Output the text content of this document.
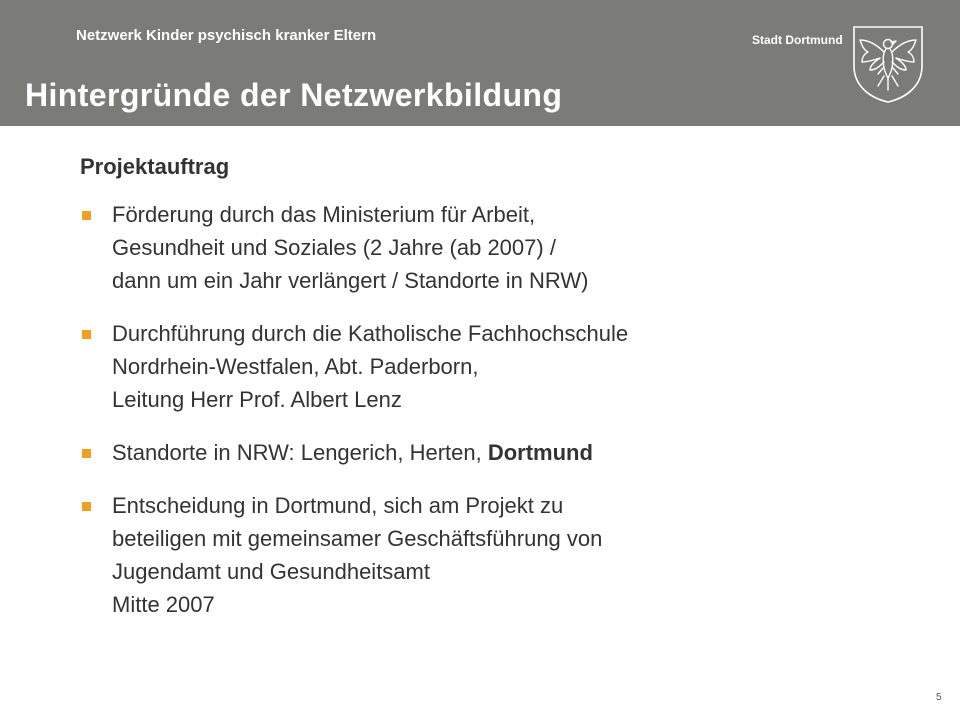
Netzwerk Kinder psychisch kranker Eltern
Hintergründe der Netzwerkbildung
Stadt Dortmund
Projektauftrag
Förderung durch das Ministerium für Arbeit,
Gesundheit und Soziales (2 Jahre (ab 2007) /
dann um ein Jahr verlängert / Standorte in NRW)
Durchführung durch die Katholische Fachhochschule
Nordrhein-Westfalen, Abt. Paderborn,
Leitung Herr Prof. Albert Lenz
Standorte in NRW: Lengerich, Herten, Dortmund
Entscheidung in Dortmund, sich am Projekt zu
beteiligen mit gemeinsamer Geschäftsführung von
Jugendamt und Gesundheitsamt
Mitte 2007
5
